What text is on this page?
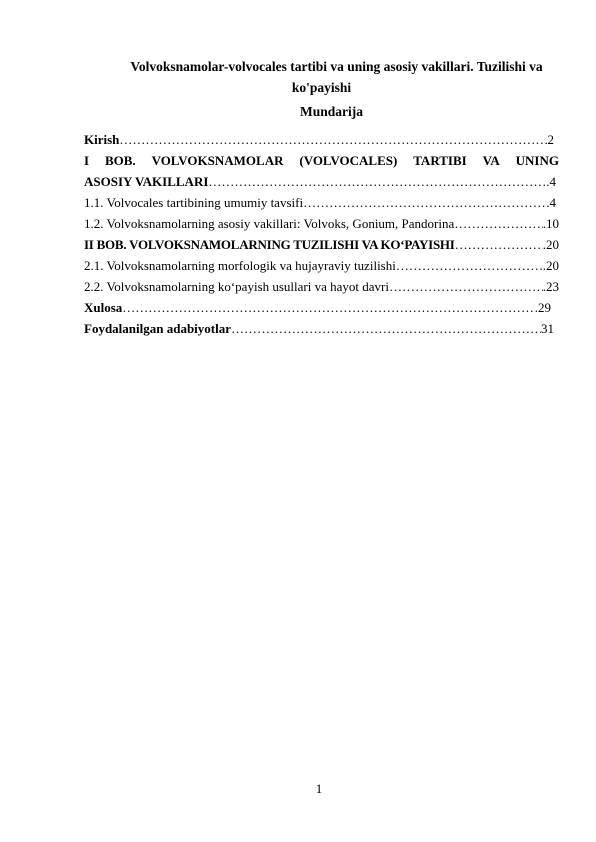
Volvoksnamolar-volvocales tartibi va uning asosiy vakillari. Tuzilishi va
ko'payishi
Mundarija
Kirish ………………………………………………………………………………………………………………………………………………………………………………	2
I BOB. VOLVOKSNAMOLAR (VOLVOCALES) TARTIBI VA UNING
ASOSIY VAKILLARI ………………………………………………………………………………………………………………………………………………………………………………	.4
1.1. Volvocales tartibining umumiy tavsifi ………………………………………………………………………………………………………………………………………………………………………………	4
1.2. Volvoksnamolarning asosiy vakillari: Volvoks, Gonium, Pandorina ………………………………………………………………………………………………………………………………………………………………………………	.10
II BOB. VOLVOKSNAMOLARNING TUZILISHI VA KO‘PAYISHI ………………………………………………………………………………………………………………………………………………………………………………	.20
2.1. Volvoksnamolarning morfologik va hujayraviy tuzilishi ………………………………………………………………………………………………………………………………………………………………………………	..20
2.2. Volvoksnamolarning ko‘payish usullari va hayot davri ………………………………………………………………………………………………………………………………………………………………………………	.23
Xulosa ………………………………………………………………………………………………………………………………………………………………………………	.29
Foydalanilgan adabiyotlar ………………………………………………………………………………………………………………………………………………………………………………	31
1
